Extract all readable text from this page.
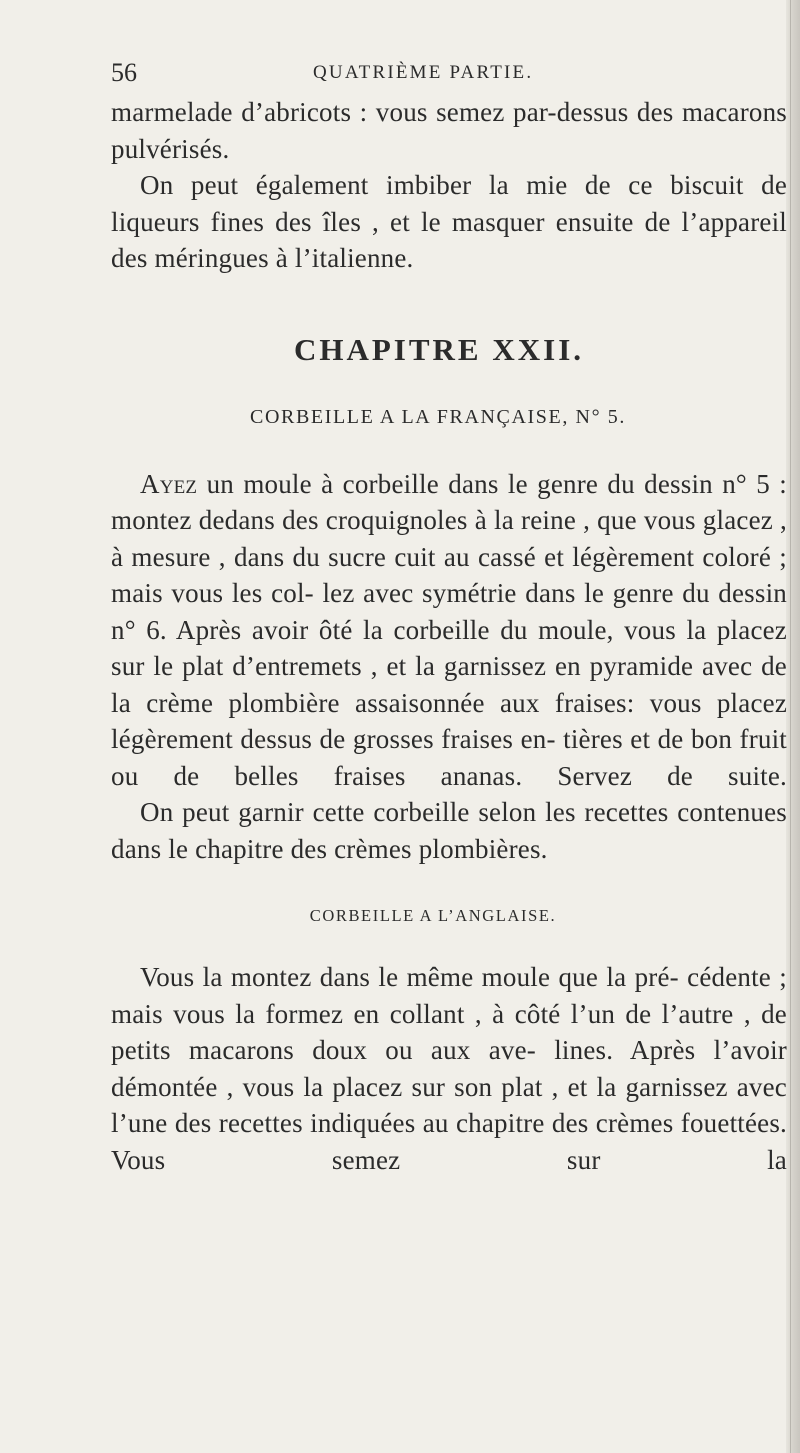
56	QUATRIÈME PARTIE.

marmelade d’abricots : vous semez par-dessus des macarons pulvérisés.

On peut également imbiber la mie de ce biscuit de liqueurs fines des îles , et le masquer ensuite de l’appareil des méringues à l’italienne.

CHAPITRE XXII.
CORBEILLE A LA FRANÇAISE, N° 5.

Ayez un moule à corbeille dans le genre du dessin n° 5 : montez dedans des croquignoles à la reine , que vous glacez , à mesure , dans du sucre cuit au cassé et légèrement coloré ; mais vous les col- lez avec symétrie dans le genre du dessin n° 6. Après avoir ôté la corbeille du moule, vous la placez sur le plat d’entremets , et la garnissez en pyramide avec de la crème plombière assaisonnée aux fraises: vous placez légèrement dessus de grosses fraises en- tières et de bon fruit ou de belles fraises ananas. Servez de suite.

On peut garnir cette corbeille selon les recettes contenues dans le chapitre des crèmes plombières.

CORBEILLE A L’ANGLAISE.

Vous la montez dans le même moule que la pré- cédente ; mais vous la formez en collant , à côté l’un de l’autre , de petits macarons doux ou aux ave- lines. Après l’avoir démontée , vous la placez sur son plat , et la garnissez avec l’une des recettes indiquées au chapitre des crèmes fouettées. Vous semez sur la
